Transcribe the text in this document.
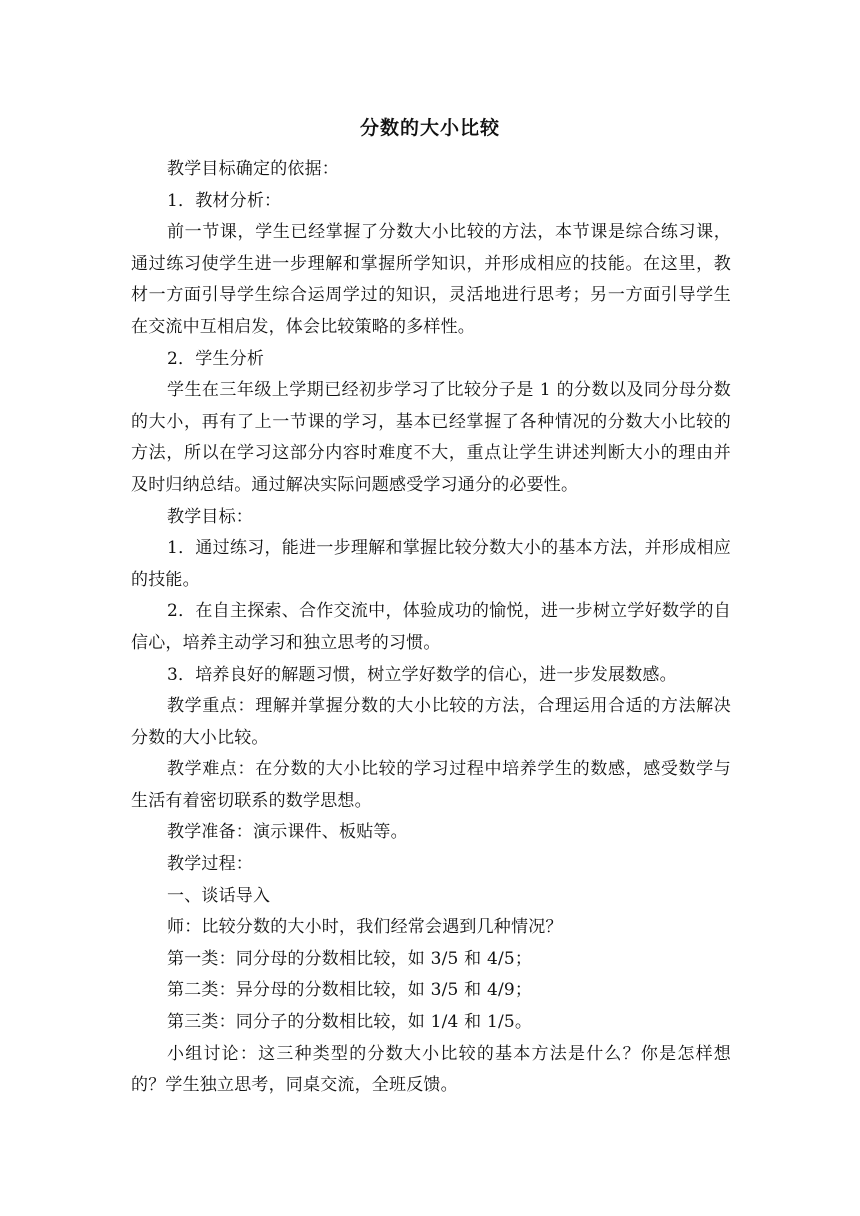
分数的大小比较

教学目标确定的依据：

1．教材分析：

前一节课，学生已经掌握了分数大小比较的方法，本节课是综合练习课，通过练习使学生进一步理解和掌握所学知识，并形成相应的技能。在这里，教材一方面引导学生综合运周学过的知识，灵活地进行思考；另一方面引导学生在交流中互相启发，体会比较策略的多样性。

2．学生分析

学生在三年级上学期已经初步学习了比较分子是 1 的分数以及同分母分数的大小，再有了上一节课的学习，基本已经掌握了各种情况的分数大小比较的方法，所以在学习这部分内容时难度不大，重点让学生讲述判断大小的理由并及时归纳总结。通过解决实际问题感受学习通分的必要性。

教学目标：

1．通过练习，能进一步理解和掌握比较分数大小的基本方法，并形成相应的技能。

2．在自主探索、合作交流中，体验成功的愉悦，进一步树立学好数学的自信心，培养主动学习和独立思考的习惯。

3．培养良好的解题习惯，树立学好数学的信心，进一步发展数感。

教学重点：理解并掌握分数的大小比较的方法，合理运用合适的方法解决分数的大小比较。

教学难点：在分数的大小比较的学习过程中培养学生的数感，感受数学与生活有着密切联系的数学思想。

教学准备：演示课件、板贴等。

教学过程：

一、谈话导入

师：比较分数的大小时，我们经常会遇到几种情况？

第一类：同分母的分数相比较，如 3/5 和 4/5；

第二类：异分母的分数相比较，如 3/5 和 4/9；

第三类：同分子的分数相比较，如 1/4 和 1/5。

小组讨论：这三种类型的分数大小比较的基本方法是什么？你是怎样想的？学生独立思考，同桌交流，全班反馈。
